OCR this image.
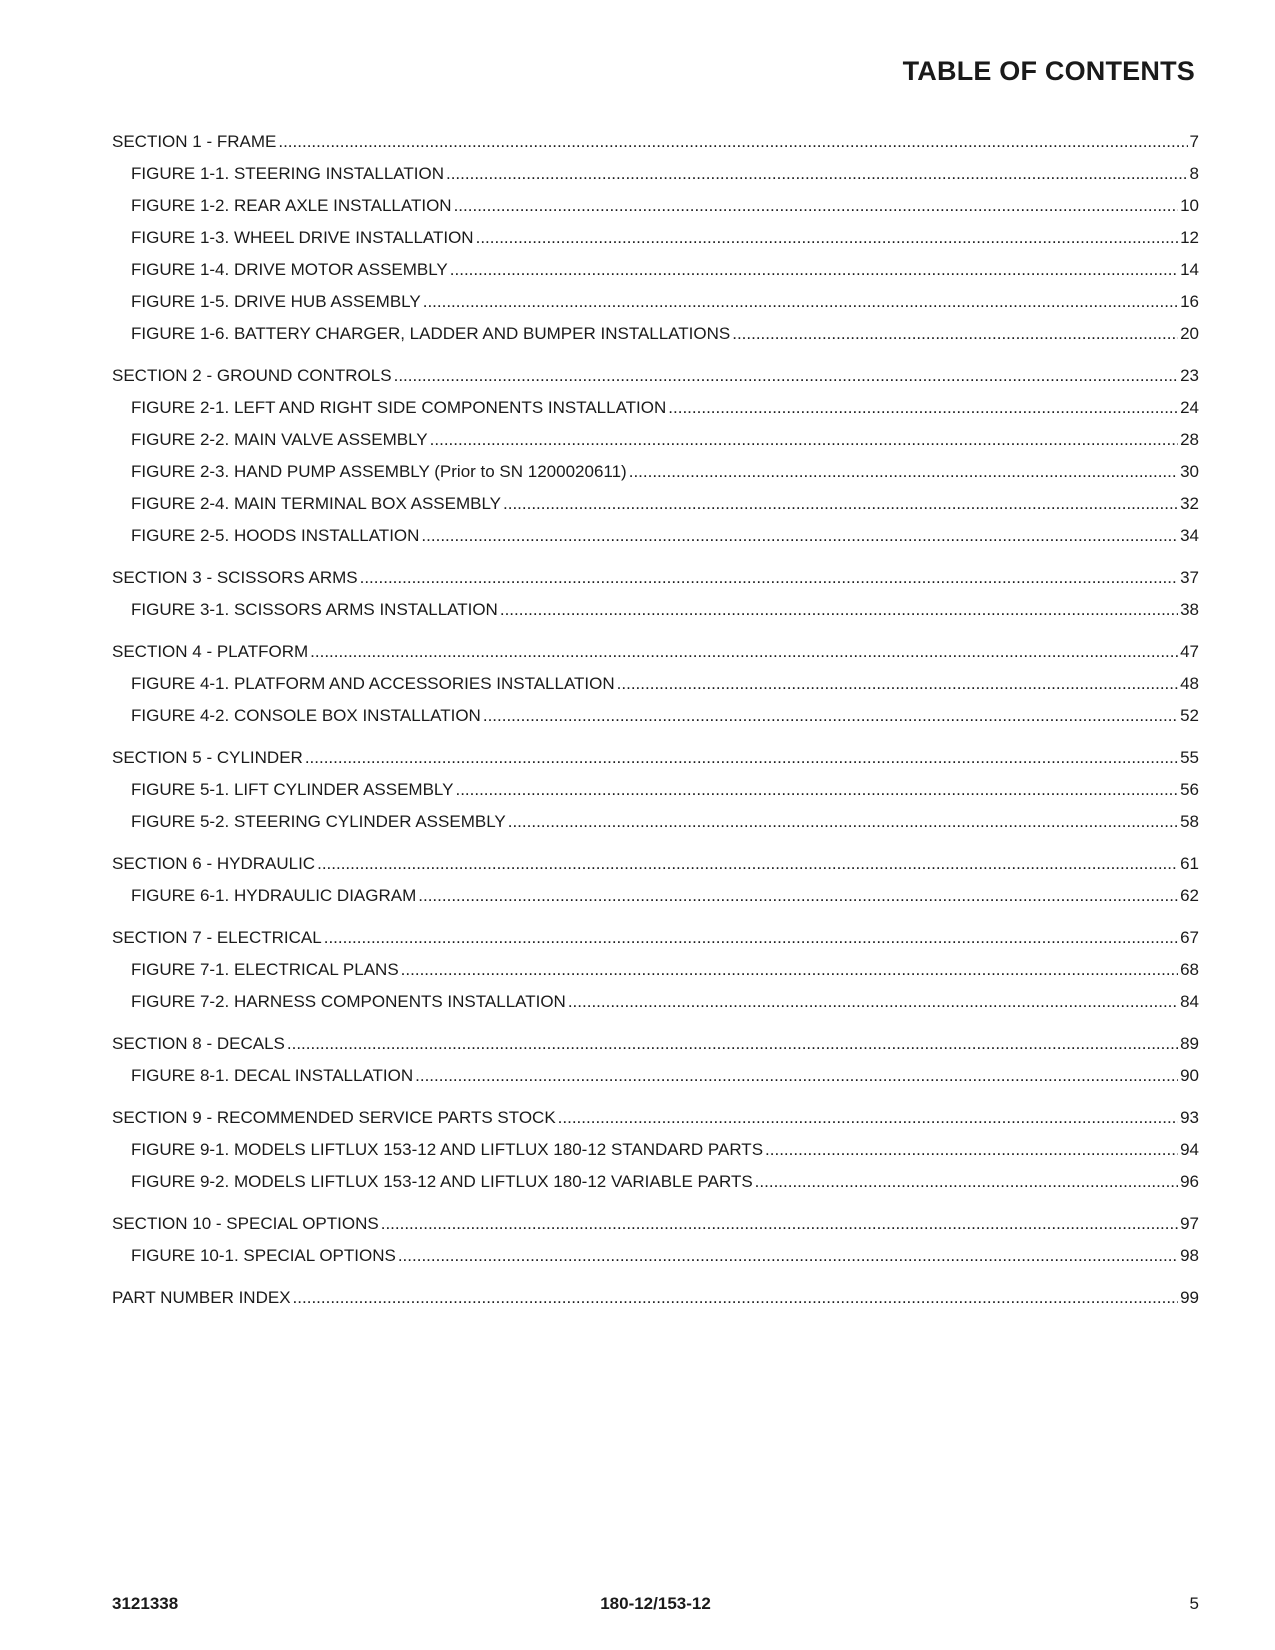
TABLE OF CONTENTS
SECTION 1 - FRAME .....	7
FIGURE 1-1. STEERING INSTALLATION .....	8
FIGURE 1-2. REAR AXLE INSTALLATION .....	10
FIGURE 1-3. WHEEL DRIVE INSTALLATION .....	12
FIGURE 1-4. DRIVE MOTOR ASSEMBLY .....	14
FIGURE 1-5. DRIVE HUB ASSEMBLY .....	16
FIGURE 1-6. BATTERY CHARGER, LADDER AND BUMPER INSTALLATIONS .....	20
SECTION 2 - GROUND CONTROLS .....	23
FIGURE 2-1. LEFT AND RIGHT SIDE COMPONENTS INSTALLATION .....	24
FIGURE 2-2. MAIN VALVE ASSEMBLY .....	28
FIGURE 2-3. HAND PUMP ASSEMBLY (Prior to SN 1200020611) .....	30
FIGURE 2-4. MAIN TERMINAL BOX ASSEMBLY .....	32
FIGURE 2-5. HOODS INSTALLATION .....	34
SECTION 3 - SCISSORS ARMS .....	37
FIGURE 3-1. SCISSORS ARMS INSTALLATION .....	38
SECTION 4 - PLATFORM .....	47
FIGURE 4-1. PLATFORM AND ACCESSORIES INSTALLATION .....	48
FIGURE 4-2. CONSOLE BOX INSTALLATION .....	52
SECTION 5 - CYLINDER .....	55
FIGURE 5-1. LIFT CYLINDER ASSEMBLY .....	56
FIGURE 5-2. STEERING CYLINDER ASSEMBLY .....	58
SECTION 6 - HYDRAULIC .....	61
FIGURE 6-1. HYDRAULIC DIAGRAM .....	62
SECTION 7 - ELECTRICAL .....	67
FIGURE 7-1. ELECTRICAL PLANS .....	68
FIGURE 7-2. HARNESS COMPONENTS INSTALLATION .....	84
SECTION 8 - DECALS .....	89
FIGURE 8-1. DECAL INSTALLATION .....	90
SECTION 9 - RECOMMENDED SERVICE PARTS STOCK .....	93
FIGURE 9-1. MODELS LIFTLUX 153-12 AND LIFTLUX 180-12 STANDARD PARTS .....	94
FIGURE 9-2. MODELS LIFTLUX 153-12 AND LIFTLUX 180-12 VARIABLE PARTS .....	96
SECTION 10 - SPECIAL OPTIONS .....	97
FIGURE 10-1. SPECIAL OPTIONS .....	98
PART NUMBER INDEX .....	99
3121338	180-12/153-12	5
